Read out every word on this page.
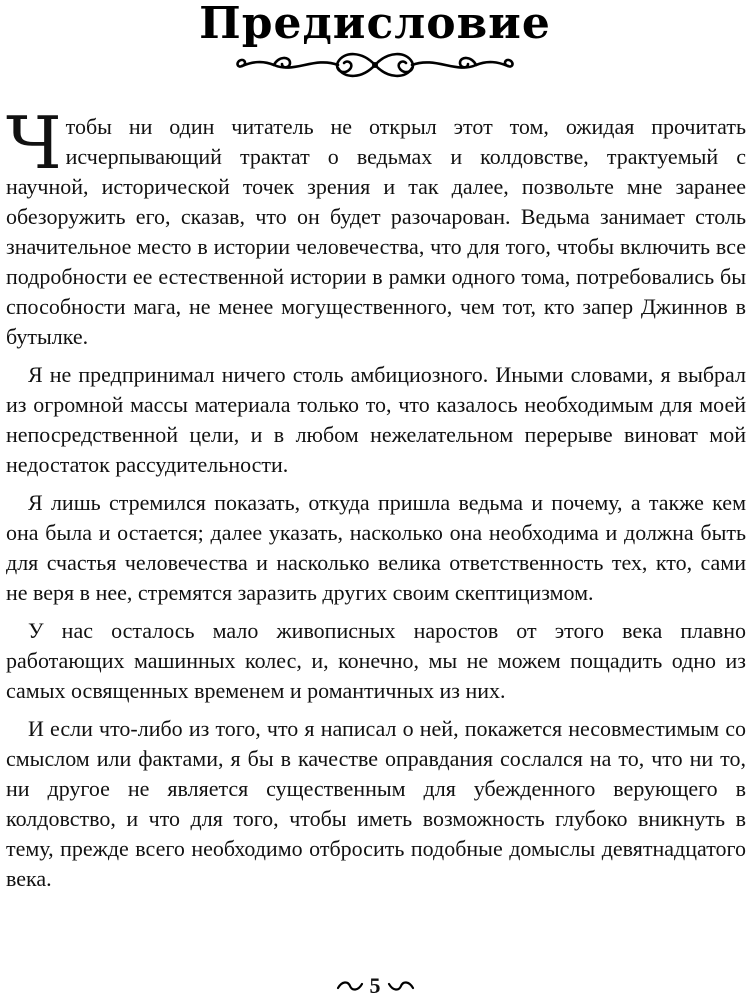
Предисловие

Чтобы ни один читатель не открыл этот том, ожидая прочитать исчерпывающий трактат о ведьмах и колдовстве, трактуемый с научной, исторической точек зрения и так далее, позвольте мне заранее обезоружить его, сказав, что он будет разочарован. Ведьма занимает столь значительное место в истории человечества, что для того, чтобы включить все подробности ее естественной истории в рамки одного тома, потребовались бы способности мага, не менее могущественного, чем тот, кто запер Джиннов в бутылке.

Я не предпринимал ничего столь амбициозного. Иными словами, я выбрал из огромной массы материала только то, что казалось необходимым для моей непосредственной цели, и в любом нежелательном перерыве виноват мой недостаток рассудительности.

Я лишь стремился показать, откуда пришла ведьма и почему, а также кем она была и остается; далее указать, насколько она необходима и должна быть для счастья человечества и насколько велика ответственность тех, кто, сами не веря в нее, стремятся заразить других своим скептицизмом.

У нас осталось мало живописных наростов от этого века плавно работающих машинных колес, и, конечно, мы не можем пощадить одно из самых освященных временем и романтичных из них.

И если что-либо из того, что я написал о ней, покажется несовместимым со смыслом или фактами, я бы в качестве оправдания сослался на то, что ни то, ни другое не является существенным для убежденного верующего в колдовство, и что для того, чтобы иметь возможность глубоко вникнуть в тему, прежде всего необходимо отбросить подобные домыслы девятнадцатого века.

5
